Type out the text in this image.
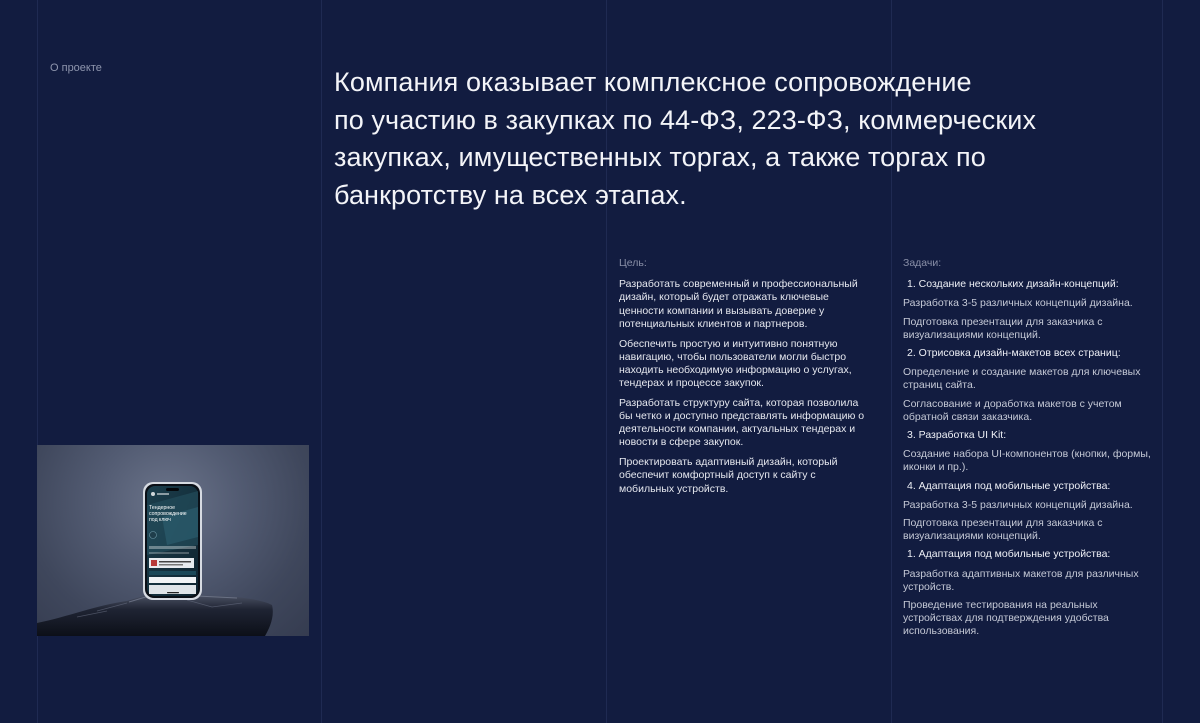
О проекте	Компания оказывает комплексное сопровождение
по участию в закупках по 44-ФЗ, 223-ФЗ, коммерческих
закупках, имущественных торгах, а также торгах по
банкротству на всех этапах.
Цель:

Разработать современный и профессиональный дизайн, который будет отражать ключевые ценности компании и вызывать доверие у потенциальных клиентов и партнеров.

Обеспечить простую и интуитивно понятную навигацию, чтобы пользователи могли быстро находить необходимую информацию о услугах, тендерах и процессе закупок.

Разработать структуру сайта, которая позволила бы четко и доступно представлять информацию о деятельности компании, актуальных тендерах и новости в сфере закупок.

Проектировать адаптивный дизайн, который обеспечит комфортный доступ к сайту с мобильных устройств.

Задачи:
1. Создание нескольких дизайн-концепций:
Разработка 3-5 различных концепций дизайна.
Подготовка презентации для заказчика с визуализациями концепций.
2. Отрисовка дизайн-макетов всех страниц:
Определение и создание макетов для ключевых страниц сайта.
Согласование и доработка макетов с учетом обратной связи заказчика.
3. Разработка UI Kit:
Создание набора UI-компонентов (кнопки, формы, иконки и пр.).
4. Адаптация под мобильные устройства:
Разработка 3-5 различных концепций дизайна.
Подготовка презентации для заказчика с визуализациями концепций.
1. Адаптация под мобильные устройства:
Разработка адаптивных макетов для различных устройств.
Проведение тестирования на реальных устройствах для подтверждения удобства использования.
Тендерное сопровождение под ключ
